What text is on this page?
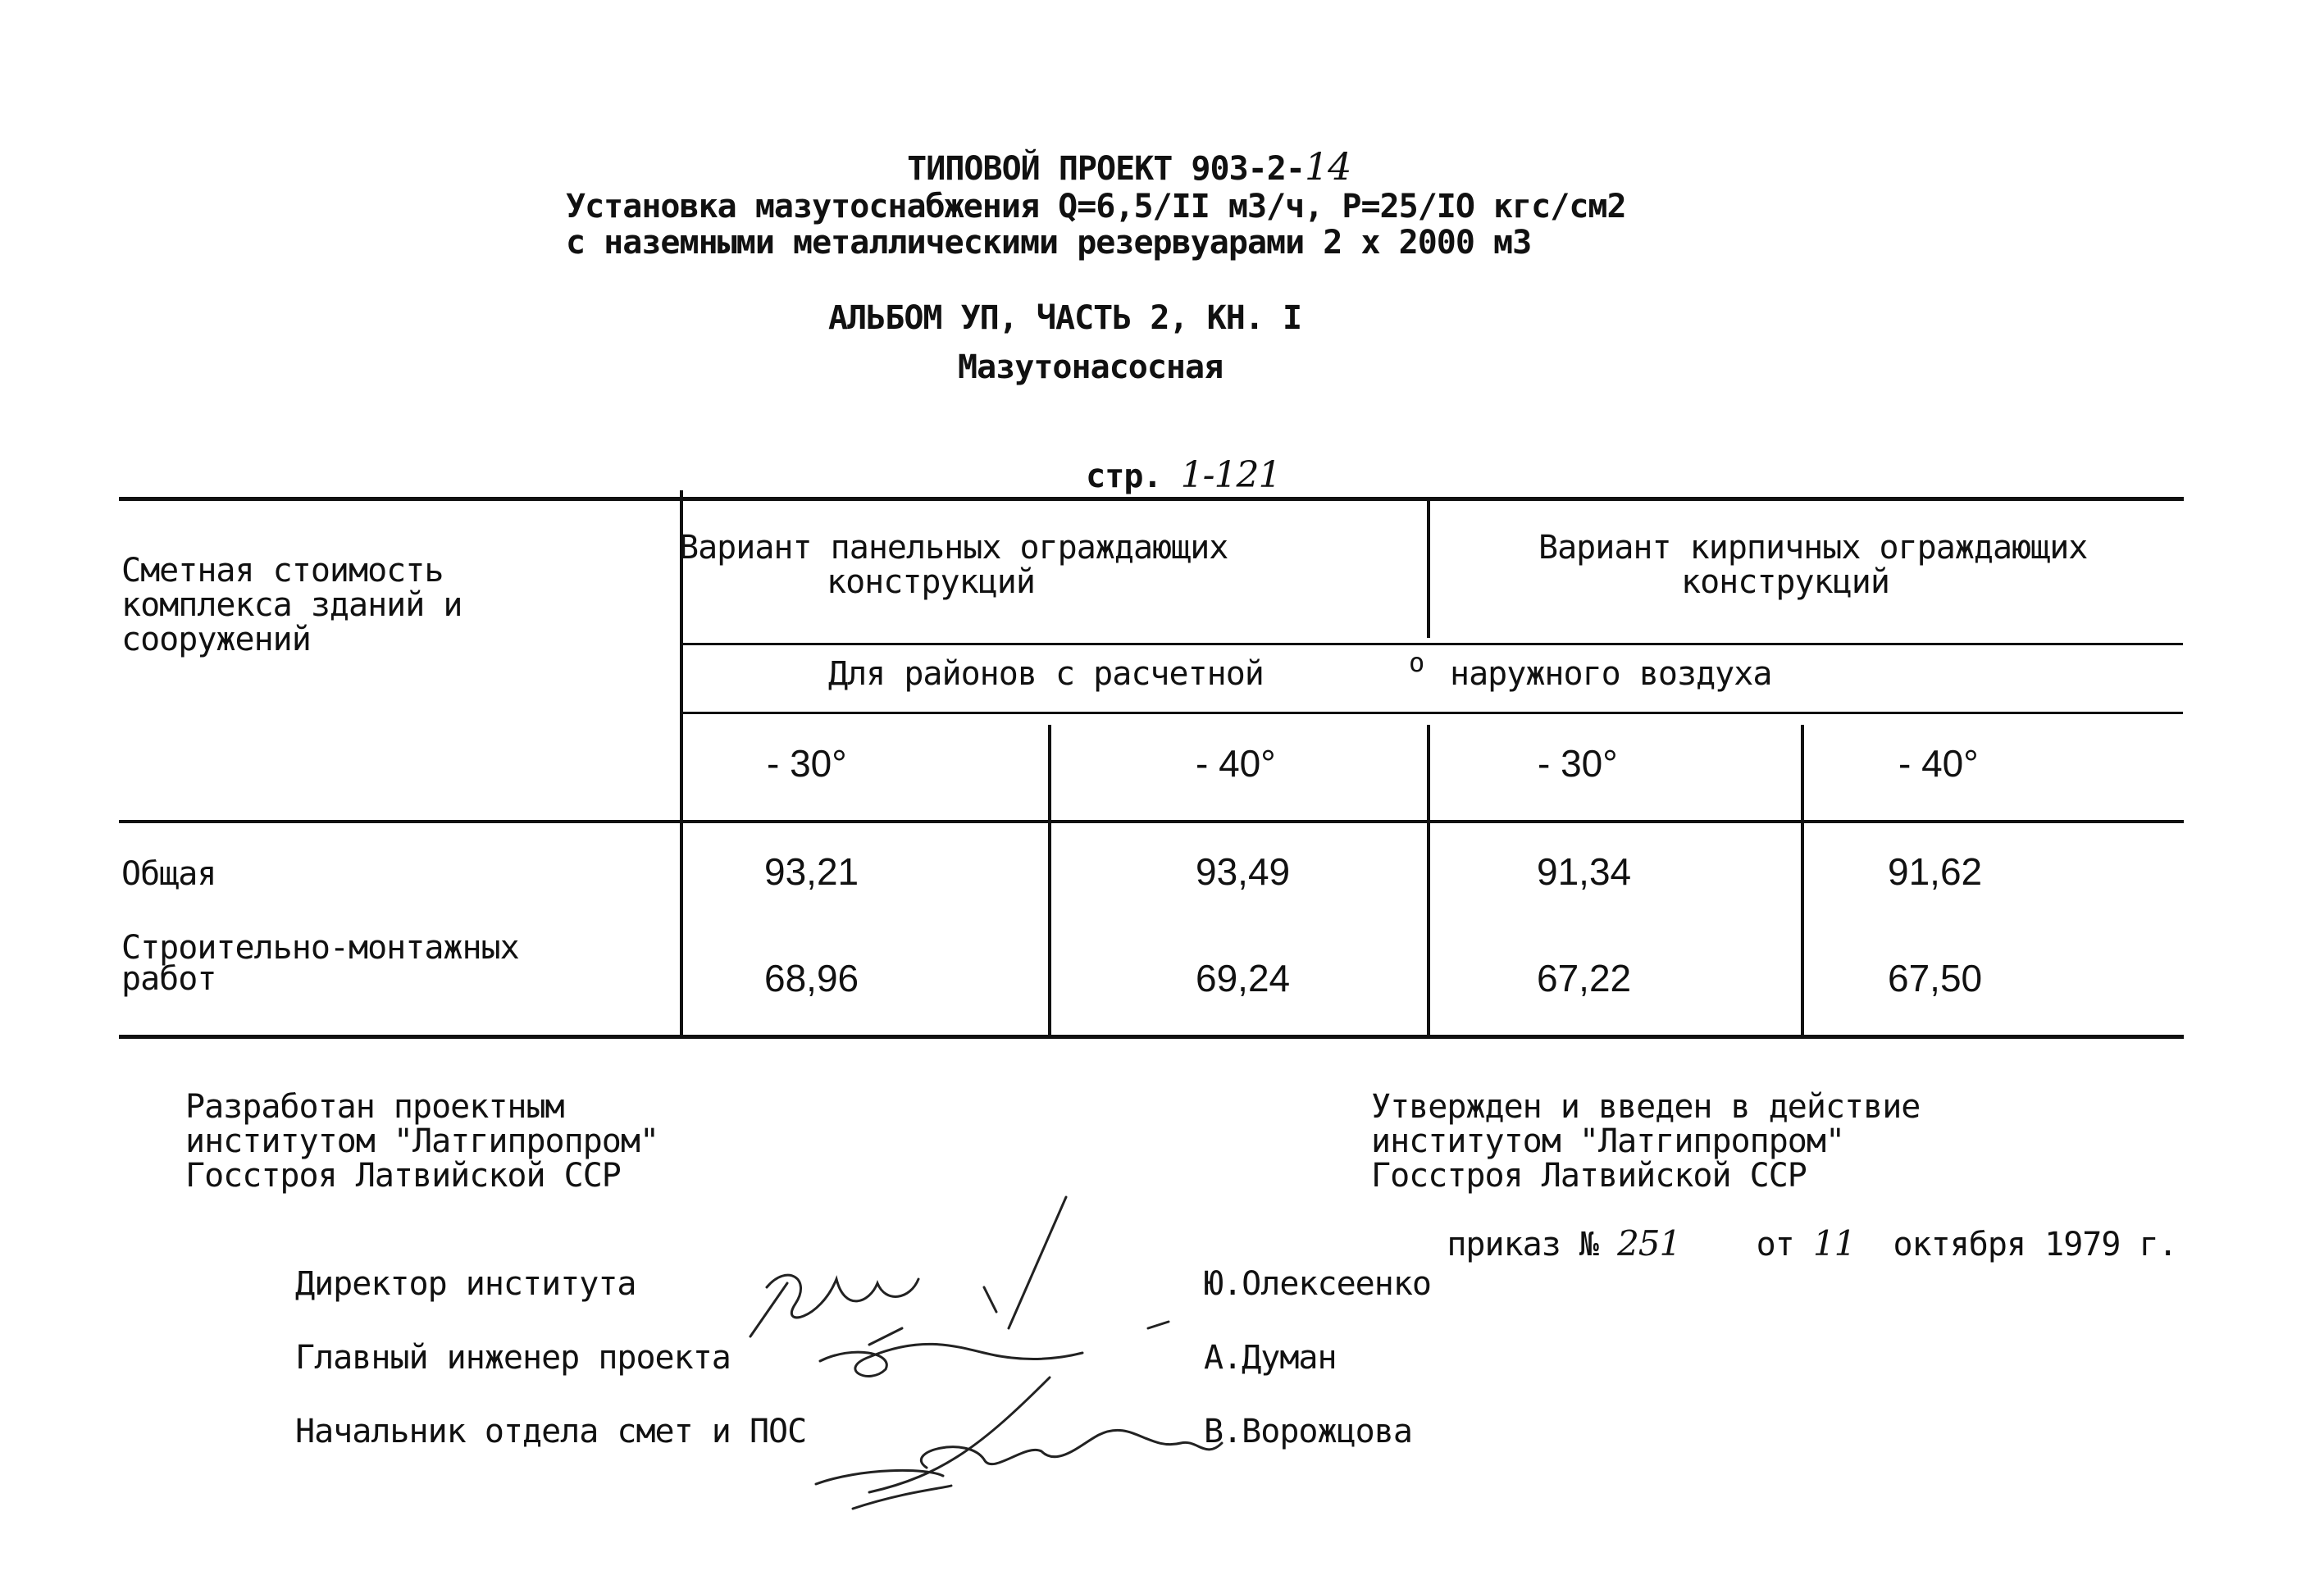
ТИПОВОЙ ПРОЕКТ 903-2-14

Установка мазутоснабжения Q=6,5/II м3/ч, Р=25/IO кгс/см2
с наземными металлическими резервуарами 2 х 2000 м3
АЛЬБОМ УП, ЧАСТЬ 2, КН. I
Мазутонасосная

стр. 1-121

Сметная стоимость
комплекса зданий и
сооружений
Вариант панельных ограждающих
конструкций
Вариант кирпичных ограждающих
конструкций
Для районов с расчетной	о наружного воздуха
- 30°	- 40°	- 30°	- 40°
Общая	93,21	93,49	91,34	91,62
Строительно-монтажных
работ	68,96	69,24	67,22	67,50
Разработан проектным
институтом "Латгипропром"
Госстроя Латвийской ССР
Утвержден и введен в действие
институтом "Латгипропром"
Госстроя Латвийской ССР

приказ № 251 от 11 октября 1979 г.

Директор института	Ю.Олексеенко
Главный инженер проекта	А.Думан
Начальник отдела смет и ПОС	В.Ворожцова
